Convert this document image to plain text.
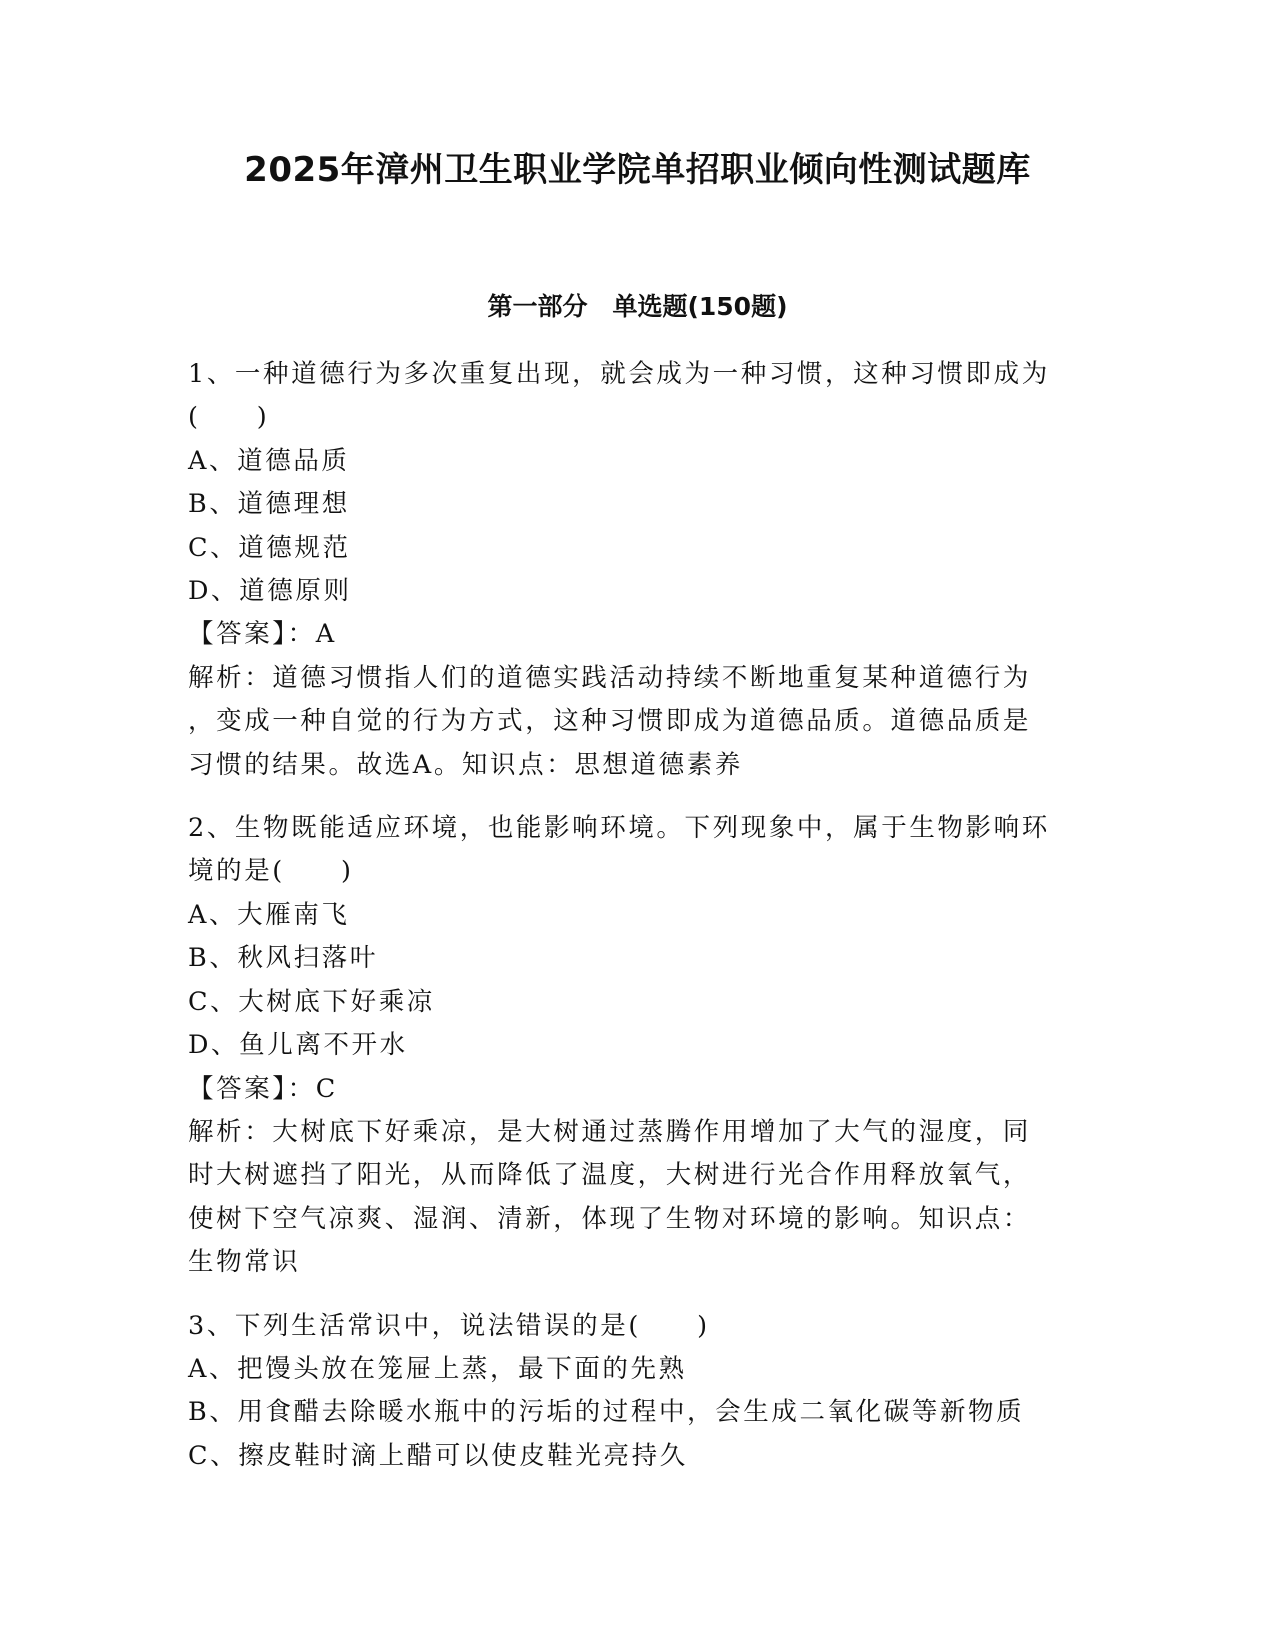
2025年漳州卫生职业学院单招职业倾向性测试题库
第一部分　单选题(150题)
1、一种道德行为多次重复出现，就会成为一种习惯，这种习惯即成为
(　　)
A、道德品质
B、道德理想
C、道德规范
D、道德原则
【答案】：A
解析：道德习惯指人们的道德实践活动持续不断地重复某种道德行为
，变成一种自觉的行为方式，这种习惯即成为道德品质。道德品质是
习惯的结果。故选A。知识点：思想道德素养
2、生物既能适应环境，也能影响环境。下列现象中，属于生物影响环
境的是(　　)
A、大雁南飞
B、秋风扫落叶
C、大树底下好乘凉
D、鱼儿离不开水
【答案】：C
解析：大树底下好乘凉，是大树通过蒸腾作用增加了大气的湿度，同
时大树遮挡了阳光，从而降低了温度，大树进行光合作用释放氧气，
使树下空气凉爽、湿润、清新，体现了生物对环境的影响。知识点：
生物常识
3、下列生活常识中，说法错误的是(　　)
A、把馒头放在笼屉上蒸，最下面的先熟
B、用食醋去除暖水瓶中的污垢的过程中，会生成二氧化碳等新物质
C、擦皮鞋时滴上醋可以使皮鞋光亮持久
